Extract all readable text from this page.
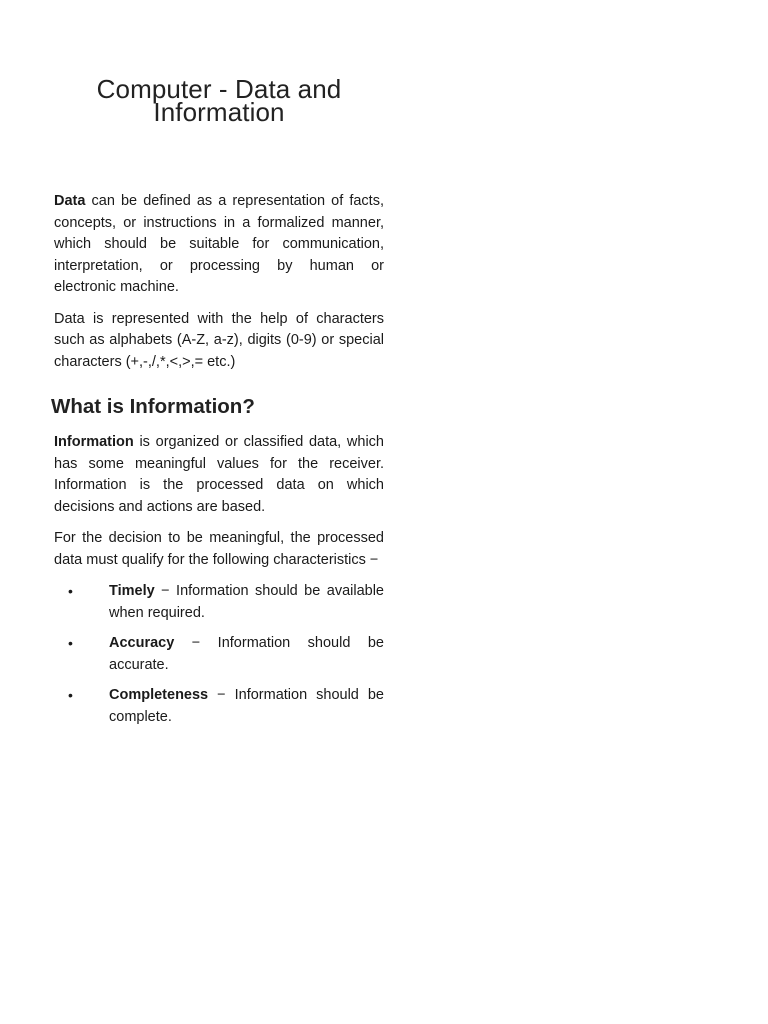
Computer - Data and Information

Data can be defined as a representation of facts, concepts, or instructions in a formalized manner, which should be suitable for communication, interpretation, or processing by human or electronic machine.

Data is represented with the help of characters such as alphabets (A-Z, a-z), digits (0-9) or special characters (+,-,/,*,<,>,= etc.)

What is Information?

Information is organized or classified data, which has some meaningful values for the receiver. Information is the processed data on which decisions and actions are based.

For the decision to be meaningful, the processed data must qualify for the following characteristics −

• Timely − Information should be available when required.
• Accuracy − Information should be accurate.
• Completeness − Information should be complete.
